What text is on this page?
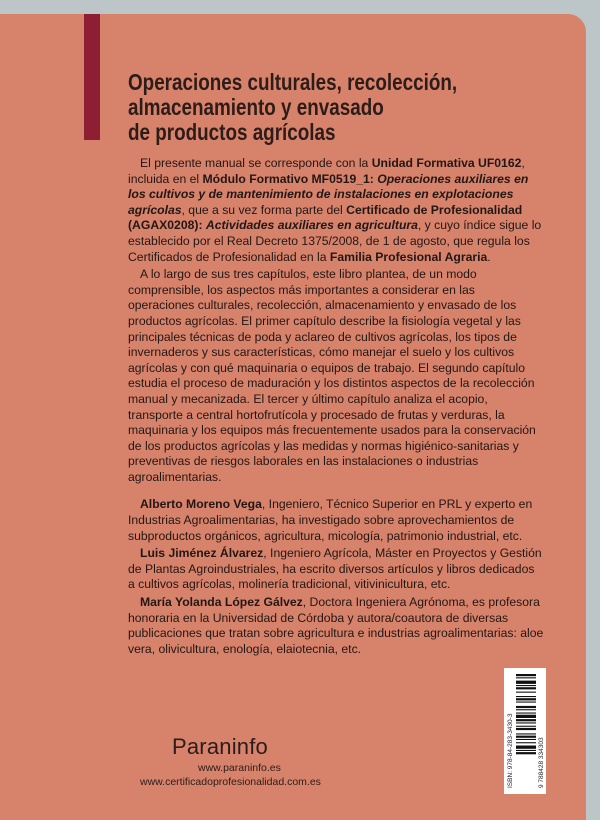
Operaciones culturales, recolección,
almacenamiento y envasado
de productos agrícolas

El presente manual se corresponde con la Unidad Formativa UF0162, incluida en el Módulo Formativo MF0519_1: Operaciones auxiliares en los cultivos y de mantenimiento de instalaciones en explotaciones agrícolas, que a su vez forma parte del Certificado de Profesionalidad (AGAX0208): Actividades auxiliares en agricultura, y cuyo índice sigue lo establecido por el Real Decreto 1375/2008, de 1 de agosto, que regula los Certificados de Profesionalidad en la Familia Profesional Agraria.

A lo largo de sus tres capítulos, este libro plantea, de un modo comprensible, los aspectos más importantes a considerar en las operaciones culturales, recolección, almacenamiento y envasado de los productos agrícolas. El primer capítulo describe la fisiología vegetal y las principales técnicas de poda y aclareo de cultivos agrícolas, los tipos de invernaderos y sus características, cómo manejar el suelo y los cultivos agrícolas y con qué maquinaria o equipos de trabajo. El segundo capítulo estudia el proceso de maduración y los distintos aspectos de la recolección manual y mecanizada. El tercer y último capítulo analiza el acopio, transporte a central hortofrutícola y procesado de frutas y verduras, la maquinaria y los equipos más frecuentemente usados para la conservación de los productos agrícolas y las medidas y normas higiénico-sanitarias y preventivas de riesgos laborales en las instalaciones o industrias agroalimentarias.

Alberto Moreno Vega, Ingeniero, Técnico Superior en PRL y experto en Industrias Agroalimentarias, ha investigado sobre aprovechamientos de subproductos orgánicos, agricultura, micología, patrimonio industrial, etc.

Luis Jiménez Álvarez, Ingeniero Agrícola, Máster en Proyectos y Gestión de Plantas Agroindustriales, ha escrito diversos artículos y libros dedicados a cultivos agrícolas, molinería tradicional, vitivinicultura, etc.

María Yolanda López Gálvez, Doctora Ingeniera Agrónoma, es profesora honoraria en la Universidad de Córdoba y autora/coautora de diversas publicaciones que tratan sobre agricultura e industrias agroalimentarias: aloe vera, olivicultura, enología, elaiotecnia, etc.

Paraninfo
www.paraninfo.es
www.certificadoprofesionalidad.com.es	ISBN: 978-84-283-3430-3	9 788428 334303
